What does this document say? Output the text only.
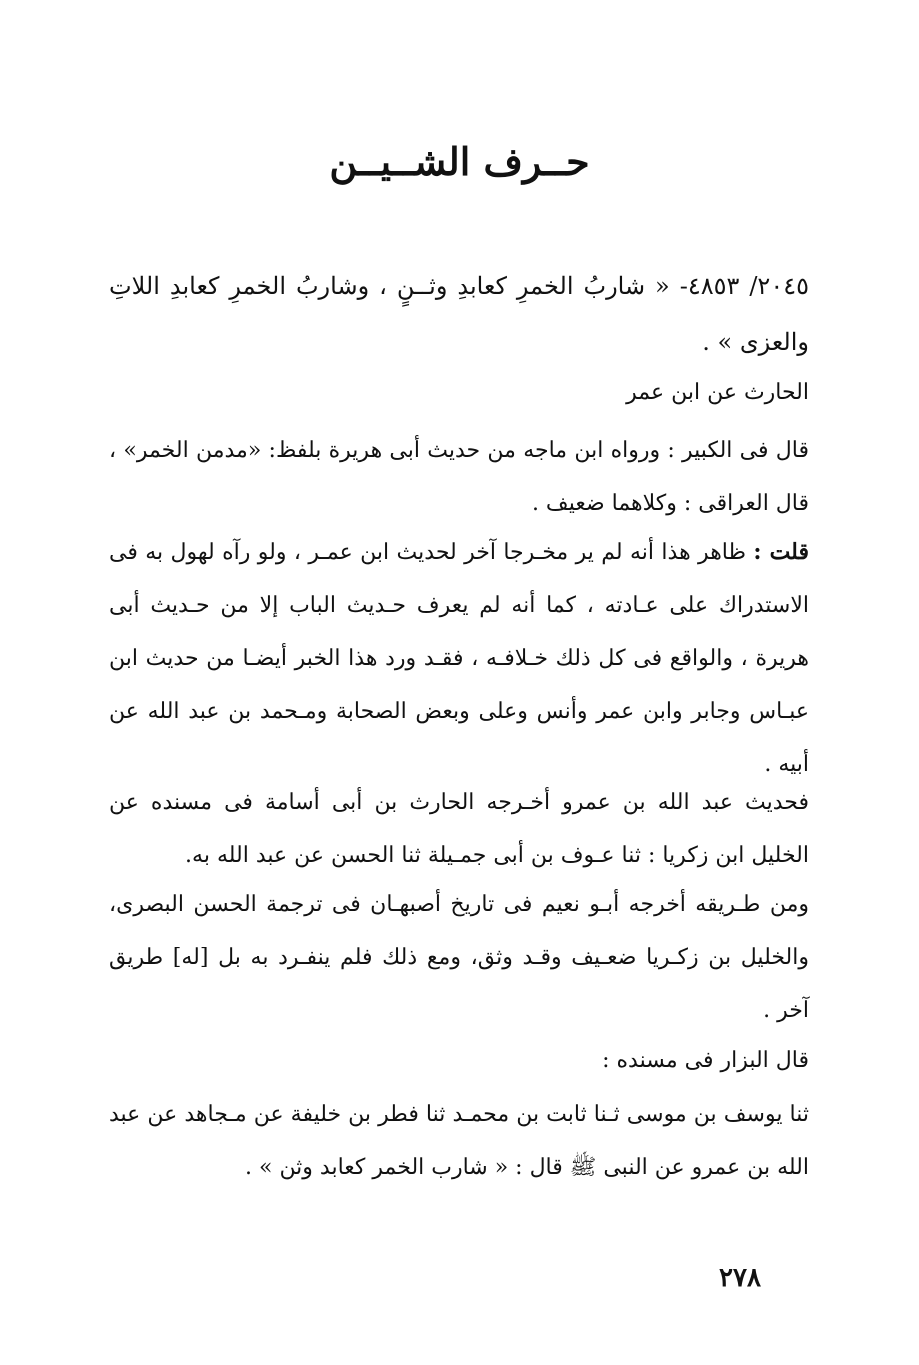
حــرف الشــيــن

٢٠٤٥/ ٤٨٥٣- « شاربُ الخمرِ كعابدِ وثــنٍ ، وشاربُ الخمرِ كعابدِ اللاتِ والعزى » .

الحارث عن ابن عمر

قال فى الكبير : ورواه ابن ماجه من حديث أبى هريرة بلفظ: «مدمن الخمر» ، قال العراقى : وكلاهما ضعيف .

قلت : ظاهر هذا أنه لم ير مخـرجا آخر لحديث ابن عمـر ، ولو رآه لهول به فى الاستدراك على عـادته ، كما أنه لم يعرف حـديث الباب إلا من حـديث أبى هريرة ، والواقع فى كل ذلك خـلافـه ، فقـد ورد هذا الخبر أيضـا من حديث ابن عبـاس وجابر وابن عمر وأنس وعلى وبعض الصحابة ومـحمد بن عبد الله عن أبيه .

فحديث عبد الله بن عمرو أخـرجه الحارث بن أبى أسامة فى مسنده عن الخليل ابن زكريا : ثنا عـوف بن أبى جمـيلة ثنا الحسن عن عبد الله به.

ومن طـريقه أخرجه أبـو نعيم فى تاريخ أصبهـان فى ترجمة الحسن البصرى، والخليل بن زكـريا ضعـيف وقـد وثق، ومع ذلك فلم ينفـرد به بل [له] طريق آخر .

قال البزار فى مسنده :

ثنا يوسف بن موسى ثـنا ثابت بن محمـد ثنا فطر بن خليفة عن مـجاهد عن عبد الله بن عمرو عن النبى ﷺ قال : « شارب الخمر كعابد وثن » .

٢٧٨
